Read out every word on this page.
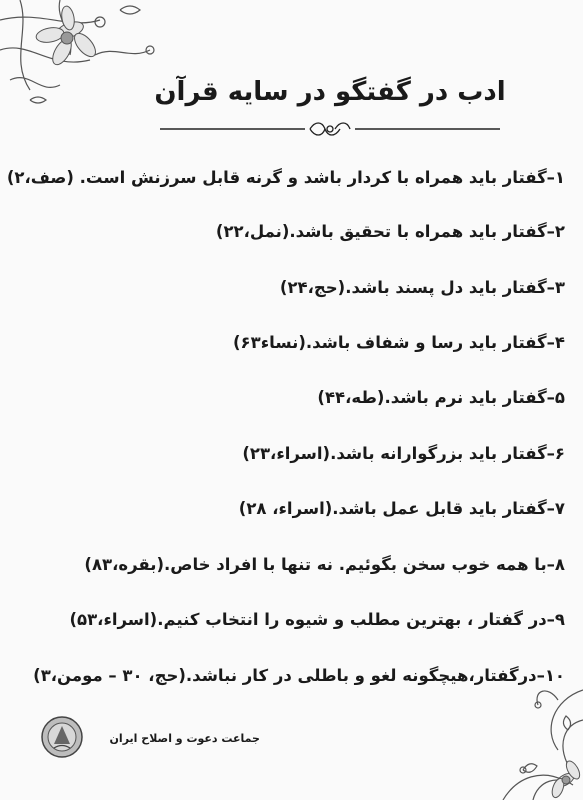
ادب در گفتگو در سایه قرآن
۱–گفتار باید همراه با کردار باشد و گرنه قابل سرزنش است. (صف،۲)
۲–گفتار باید همراه با تحقیق باشد.(نمل،۲۲)
۳–گفتار باید دل پسند باشد.(حج،۲۴)
۴–گفتار باید رسا و شفاف باشد.(نساء۶۳)
۵–گفتار باید نرم باشد.(طه،۴۴)
۶–گفتار باید بزرگوارانه باشد.(اسراء،۲۳)
۷–گفتار باید قابل عمل باشد.(اسراء، ۲۸)
۸–با همه خوب سخن بگوئیم. نه تنها با افراد خاص.(بقره،۸۳)
۹–در گفتار ، بهترین مطلب و شیوه را انتخاب کنیم.(اسراء،۵۳)
۱۰–درگفتار،هیچگونه لغو و باطلی در کار نباشد.(حج، ۳۰ – مومن،۳)
جماعت دعوت و اصلاح ایران
